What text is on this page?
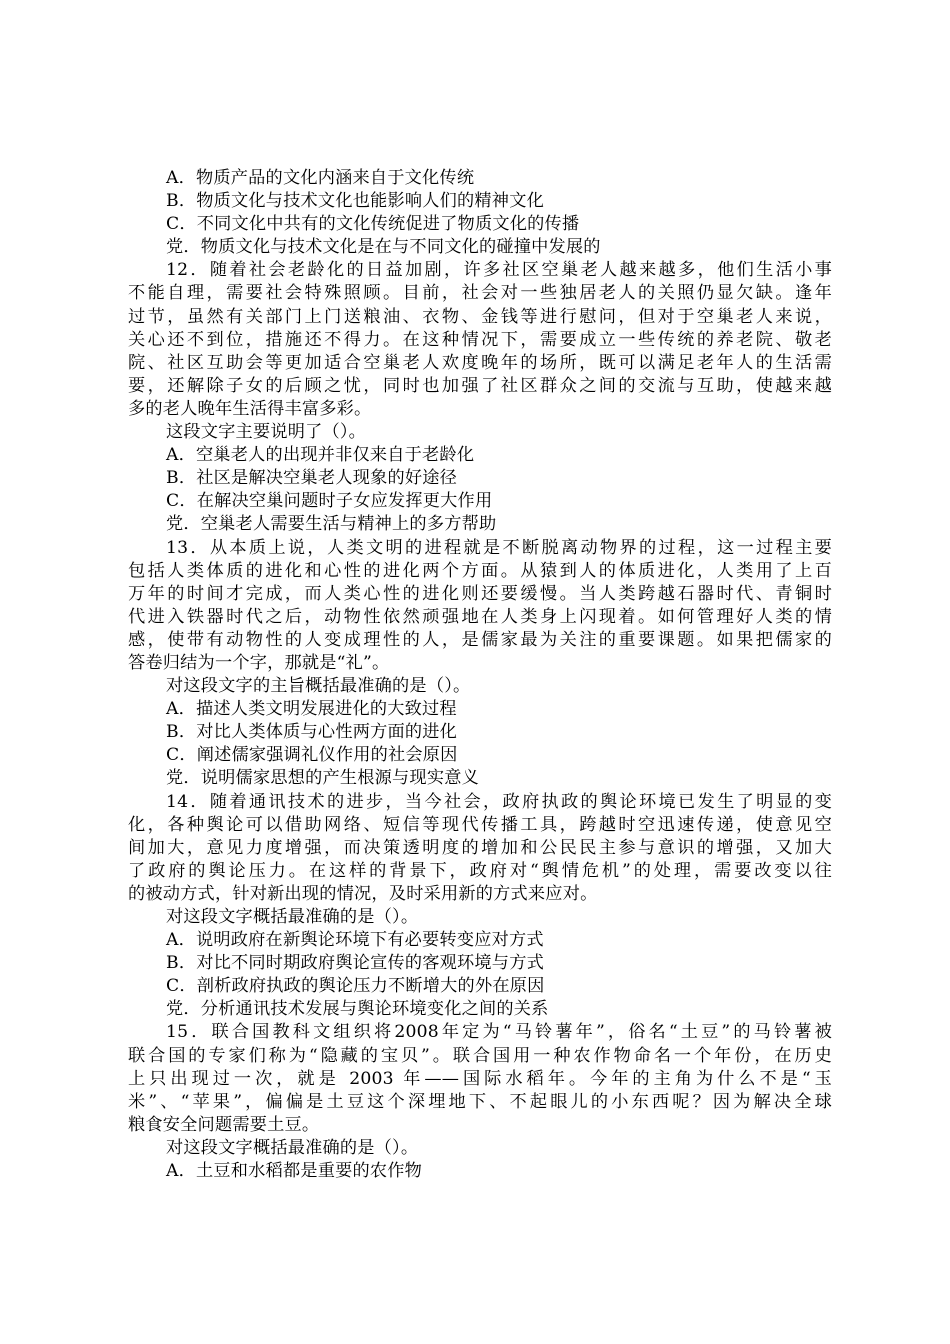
A．物质产品的文化内涵来自于文化传统
B．物质文化与技术文化也能影响人们的精神文化
C．不同文化中共有的文化传统促进了物质文化的传播
党．物质文化与技术文化是在与不同文化的碰撞中发展的
12．随着社会老龄化的日益加剧，许多社区空巢老人越来越多，他们生活小事
不能自理，需要社会特殊照顾。目前，社会对一些独居老人的关照仍显欠缺。逢年
过节，虽然有关部门上门送粮油、衣物、金钱等进行慰问，但对于空巢老人来说，
关心还不到位，措施还不得力。在这种情况下，需要成立一些传统的养老院、敬老
院、社区互助会等更加适合空巢老人欢度晚年的场所，既可以满足老年人的生活需
要，还解除子女的后顾之忧，同时也加强了社区群众之间的交流与互助，使越来越
多的老人晚年生活得丰富多彩。
这段文字主要说明了（）。
A．空巢老人的出现并非仅来自于老龄化
B．社区是解决空巢老人现象的好途径
C．在解决空巢问题时子女应发挥更大作用
党．空巢老人需要生活与精神上的多方帮助
13．从本质上说，人类文明的进程就是不断脱离动物界的过程，这一过程主要
包括人类体质的进化和心性的进化两个方面。从猿到人的体质进化，人类用了上百
万年的时间才完成，而人类心性的进化则还要缓慢。当人类跨越石器时代、青铜时
代进入铁器时代之后，动物性依然顽强地在人类身上闪现着。如何管理好人类的情
感，使带有动物性的人变成理性的人，是儒家最为关注的重要课题。如果把儒家的
答卷归结为一个字，那就是“礼”。
对这段文字的主旨概括最准确的是（）。
A．描述人类文明发展进化的大致过程
B．对比人类体质与心性两方面的进化
C．阐述儒家强调礼仪作用的社会原因
党．说明儒家思想的产生根源与现实意义
14．随着通讯技术的进步，当今社会，政府执政的舆论环境已发生了明显的变
化，各种舆论可以借助网络、短信等现代传播工具，跨越时空迅速传递，使意见空
间加大，意见力度增强，而决策透明度的增加和公民民主参与意识的增强，又加大
了政府的舆论压力。在这样的背景下，政府对“舆情危机”的处理，需要改变以往
的被动方式，针对新出现的情况，及时采用新的方式来应对。
对这段文字概括最准确的是（）。
A．说明政府在新舆论环境下有必要转变应对方式
B．对比不同时期政府舆论宣传的客观环境与方式
C．剖析政府执政的舆论压力不断增大的外在原因
党．分析通讯技术发展与舆论环境变化之间的关系
15．联合国教科文组织将2008年定为“马铃薯年”，俗名“土豆”的马铃薯被
联合国的专家们称为“隐藏的宝贝”。联合国用一种农作物命名一个年份，在历史
上只出现过一次，就是 2003 年——国际水稻年。今年的主角为什么不是“玉
米”、“苹果”，偏偏是土豆这个深埋地下、不起眼儿的小东西呢？因为解决全球
粮食安全问题需要土豆。
对这段文字概括最准确的是（）。
A．土豆和水稻都是重要的农作物
